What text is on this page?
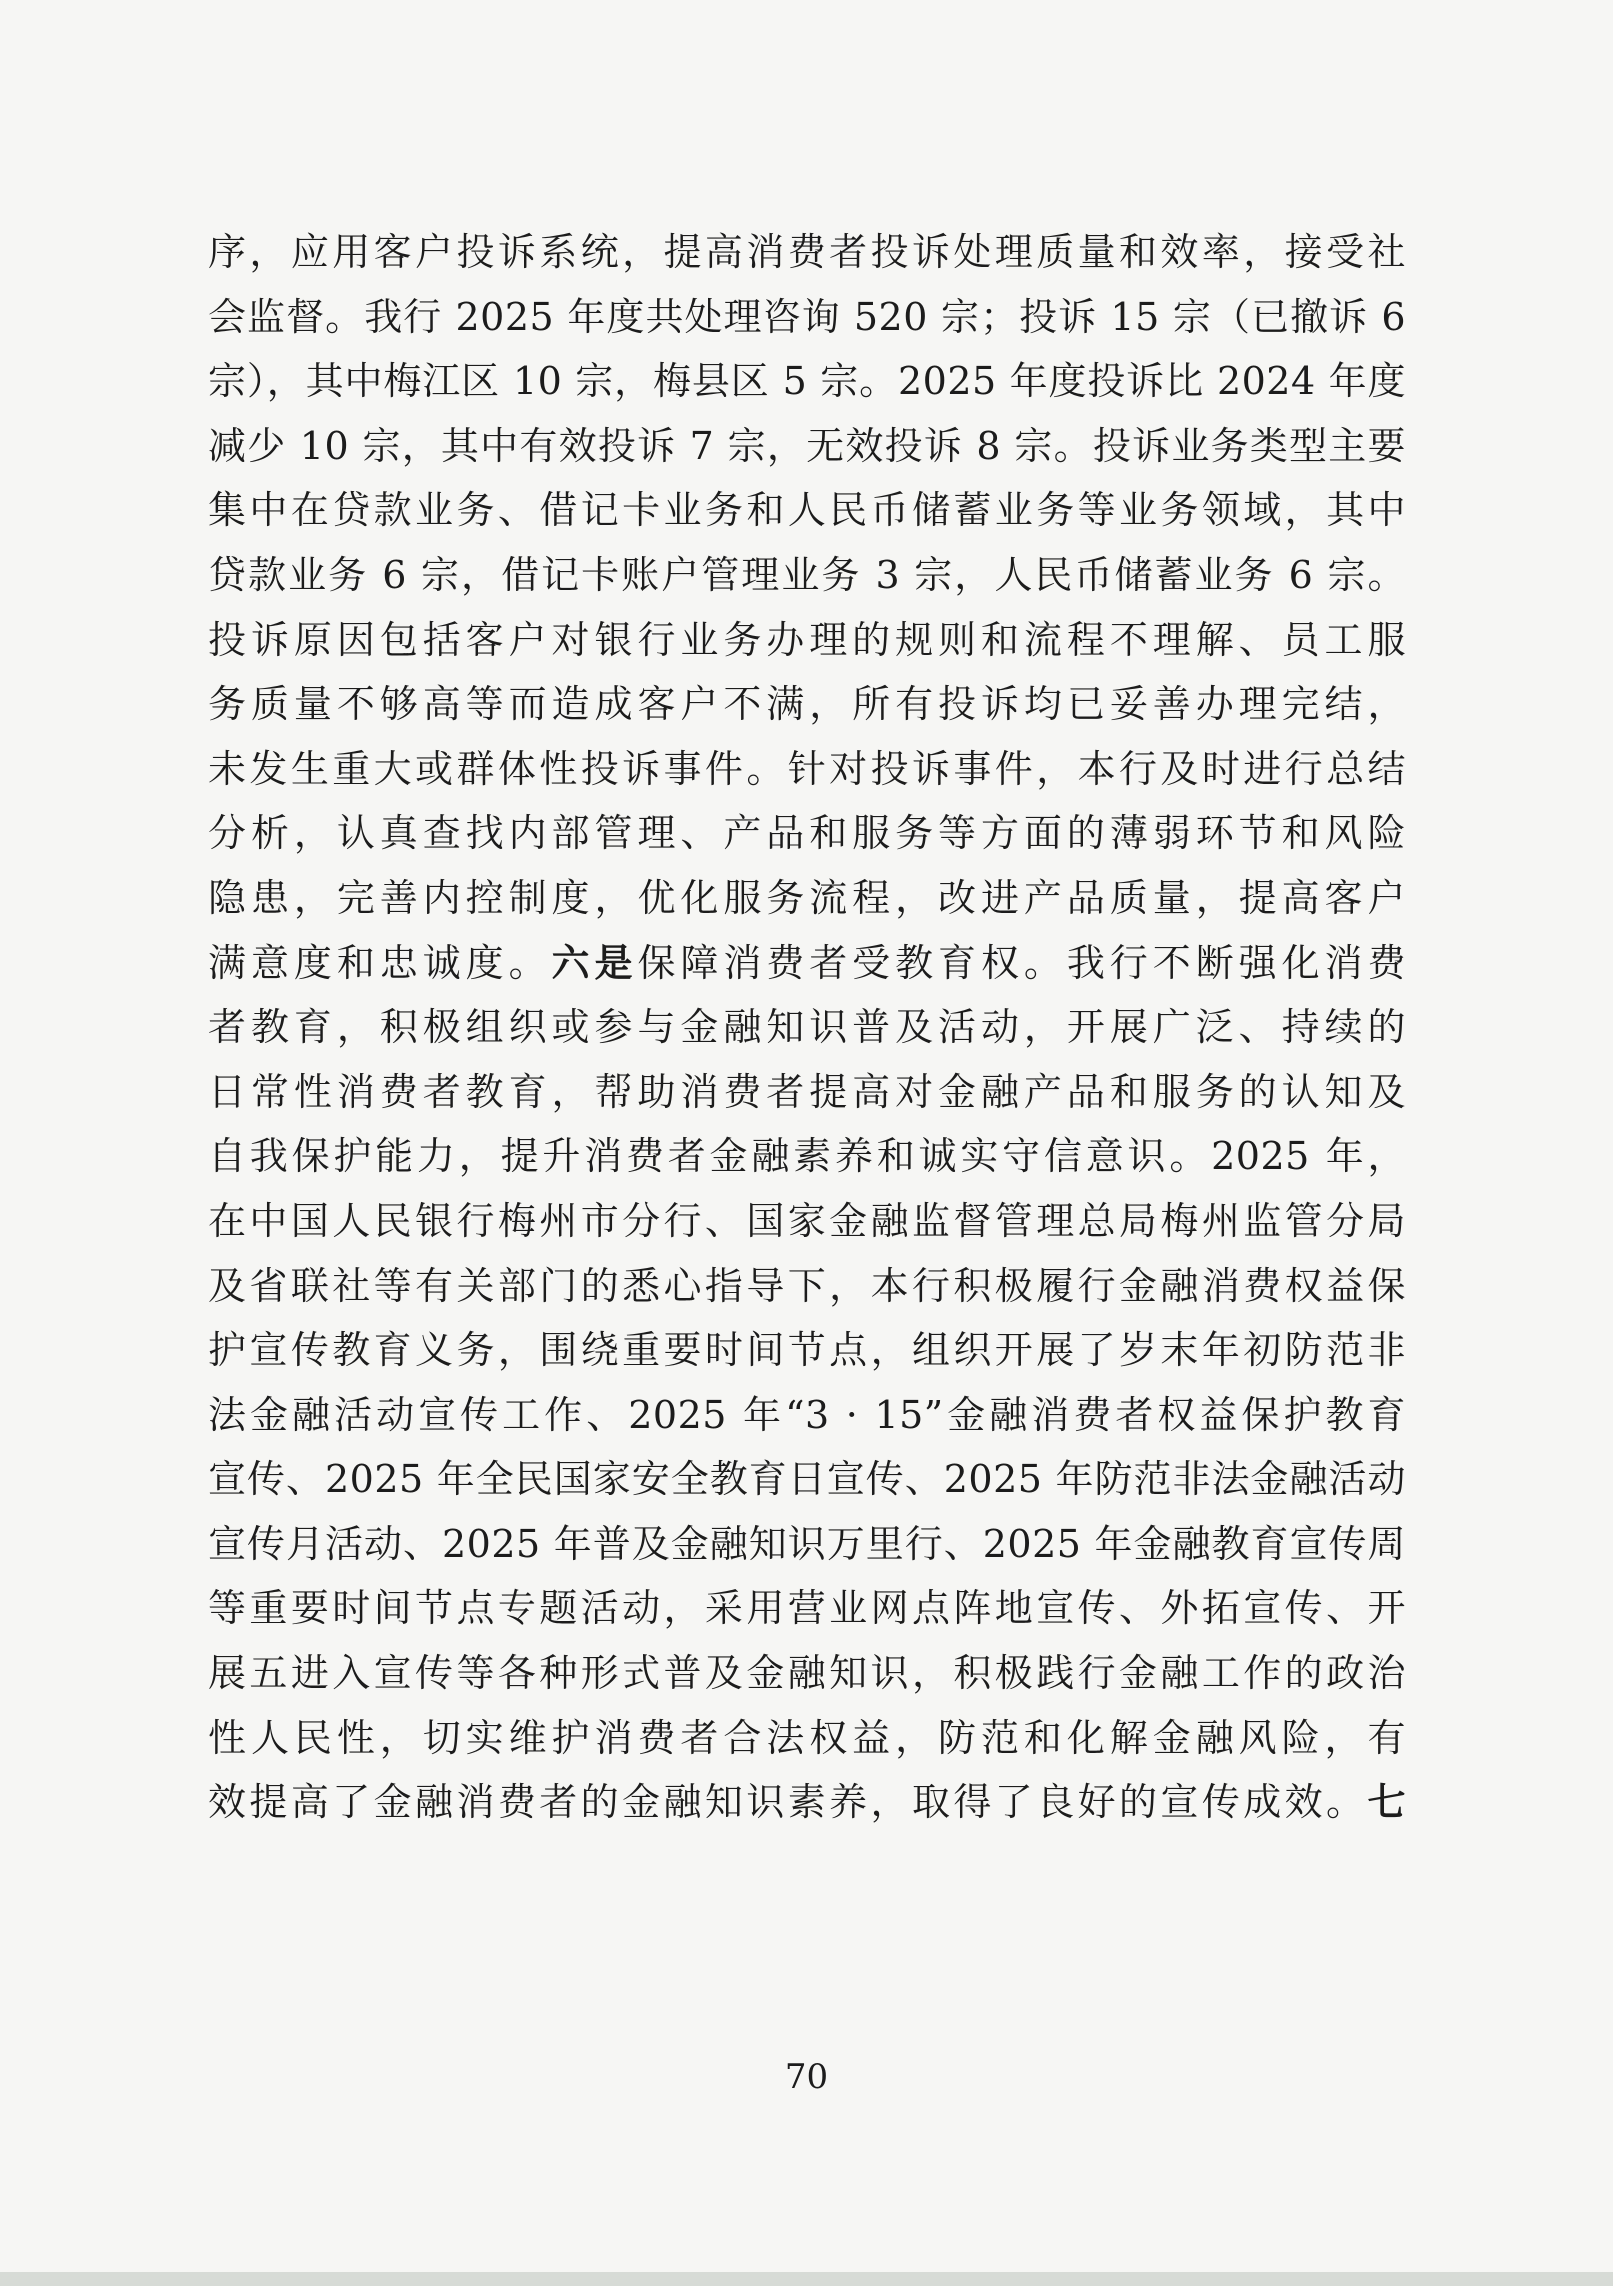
序，应用客户投诉系统，提高消费者投诉处理质量和效率，接受社
会监督。我行 2025 年度共处理咨询 520 宗；投诉 15 宗（已撤诉 6
宗），其中梅江区 10 宗，梅县区 5 宗。2025 年度投诉比 2024 年度
减少 10 宗，其中有效投诉 7 宗，无效投诉 8 宗。投诉业务类型主要
集中在贷款业务、借记卡业务和人民币储蓄业务等业务领域，其中
贷款业务 6 宗，借记卡账户管理业务 3 宗，人民币储蓄业务 6 宗。
投诉原因包括客户对银行业务办理的规则和流程不理解、员工服
务质量不够高等而造成客户不满，所有投诉均已妥善办理完结，
未发生重大或群体性投诉事件。针对投诉事件，本行及时进行总结
分析，认真查找内部管理、产品和服务等方面的薄弱环节和风险
隐患，完善内控制度，优化服务流程，改进产品质量，提高客户
满意度和忠诚度。六是保障消费者受教育权。我行不断强化消费
者教育，积极组织或参与金融知识普及活动，开展广泛、持续的
日常性消费者教育，帮助消费者提高对金融产品和服务的认知及
自我保护能力，提升消费者金融素养和诚实守信意识。2025 年，
在中国人民银行梅州市分行、国家金融监督管理总局梅州监管分局
及省联社等有关部门的悉心指导下，本行积极履行金融消费权益保
护宣传教育义务，围绕重要时间节点，组织开展了岁末年初防范非
法金融活动宣传工作、2025 年“3 · 15”金融消费者权益保护教育
宣传、2025 年全民国家安全教育日宣传、2025 年防范非法金融活动
宣传月活动、2025 年普及金融知识万里行、2025 年金融教育宣传周
等重要时间节点专题活动，采用营业网点阵地宣传、外拓宣传、开
展五进入宣传等各种形式普及金融知识，积极践行金融工作的政治
性人民性，切实维护消费者合法权益，防范和化解金融风险，有
效提高了金融消费者的金融知识素养，取得了良好的宣传成效。七
70
